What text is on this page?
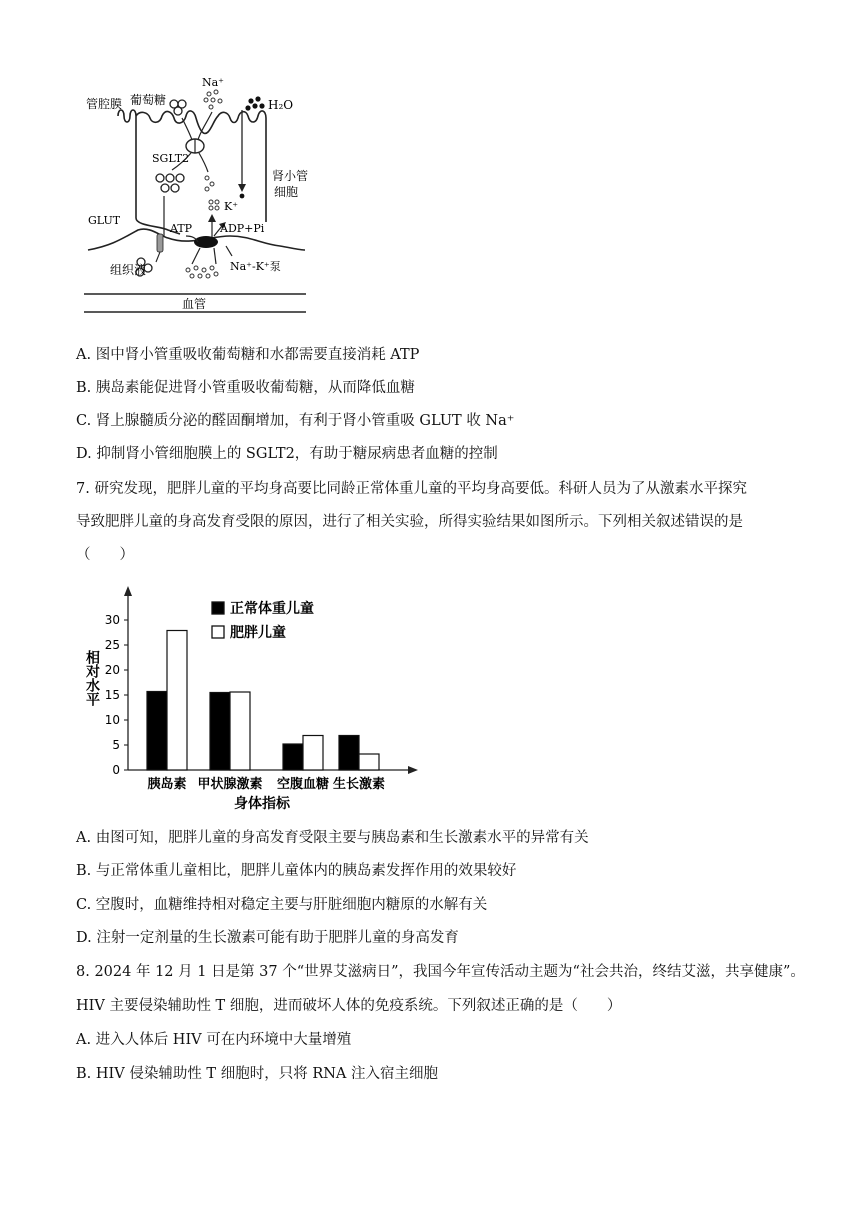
管腔膜 葡萄糖
Na⁺
H₂O
SGLT2
肾小管
细胞
K⁺
ATP	ADP+Pi
GLUT
组织液	Na⁺-K⁺泵
血管
A. 图中肾小管重吸收葡萄糖和水都需要直接消耗 ATP
B. 胰岛素能促进肾小管重吸收葡萄糖，从而降低血糖
C. 肾上腺髓质分泌的醛固酮增加，有利于肾小管重吸 GLUT 收 Na⁺
D. 抑制肾小管细胞膜上的 SGLT2，有助于糖尿病患者血糖的控制
7. 研究发现，肥胖儿童的平均身高要比同龄正常体重儿童的平均身高要低。科研人员为了从激素水平探究
导致肥胖儿童的身高发育受限的原因，进行了相关实验，所得实验结果如图所示。下列相关叙述错误的是
（　　）
0
5
10
15
20
25
30
胰岛素 甲状腺激素 空腹血糖 生长激素
正常体重儿童
肥胖儿童
相对水平
身体指标
A. 由图可知，肥胖儿童的身高发育受限主要与胰岛素和生长激素水平的异常有关
B. 与正常体重儿童相比，肥胖儿童体内的胰岛素发挥作用的效果较好
C. 空腹时，血糖维持相对稳定主要与肝脏细胞内糖原的水解有关
D. 注射一定剂量的生长激素可能有助于肥胖儿童的身高发育
8. 2024 年 12 月 1 日是第 37 个“世界艾滋病日”，我国今年宣传活动主题为“社会共治，终结艾滋，共享健康”。
HIV 主要侵染辅助性 T 细胞，进而破坏人体的免疫系统。下列叙述正确的是（　　）
A. 进入人体后 HIV 可在内环境中大量增殖
B. HIV 侵染辅助性 T 细胞时，只将 RNA 注入宿主细胞
